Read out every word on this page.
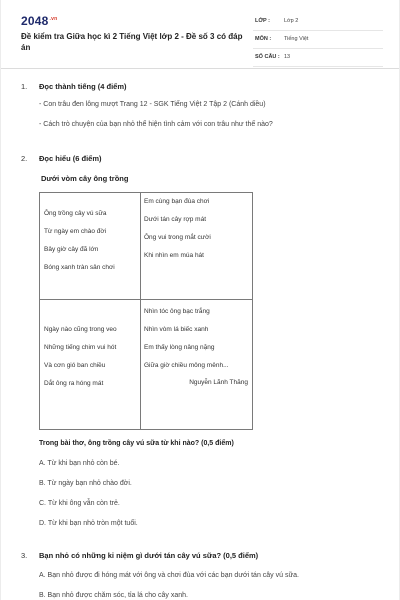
$2048^{.vn}$
Đề kiểm tra Giữa học kì 2 Tiếng Việt lớp 2 - Đề số 3 có đáp án
LỚP :	Lớp 2
MÔN : Tiếng Việt
SỐ CÂU : 13
1. Đọc thành tiếng (4 điểm)
- Con trâu đen lông mượt Trang 12 - SGK Tiếng Việt 2 Tập 2 (Cánh diều)
- Cách trò chuyện của bạn nhỏ thể hiện tình cảm với con trâu như thế nào?
2. Đọc hiểu (6 điểm)
Dưới vòm cây ông trồng
Ông trồng cây vú sữa
Từ ngày em chào đời
Bây giờ cây đã lớn
Bóng xanh tràn sân chơi
Em cùng bạn đùa chơi
Dưới tán cây rợp mát
Ông vui trong mắt cười
Khi nhìn em múa hát
Ngày nào cũng trong veo
Những tiếng chim vui hót
Và cơn gió ban chiều
Dắt ông ra hóng mát
Nhìn tóc ông bạc trắng
Nhìn vòm lá biếc xanh
Em thấy lòng nâng nặng
Giữa giờ chiều mông mênh...
Nguyễn Lãnh Thăng
Trong bài thơ, ông trồng cây vú sữa từ khi nào? (0,5 điểm)
A. Từ khi bạn nhỏ còn bé.
B. Từ ngày bạn nhỏ chào đời.
C. Từ khi ông vẫn còn trẻ.
D. Từ khi bạn nhỏ tròn một tuổi.
3. Bạn nhỏ có những kỉ niệm gì dưới tán cây vú sữa? (0,5 điểm)
A. Bạn nhỏ được đi hóng mát với ông và chơi đùa với các bạn dưới tán cây vú sữa.
B. Bạn nhỏ được chăm sóc, tỉa lá cho cây xanh.
